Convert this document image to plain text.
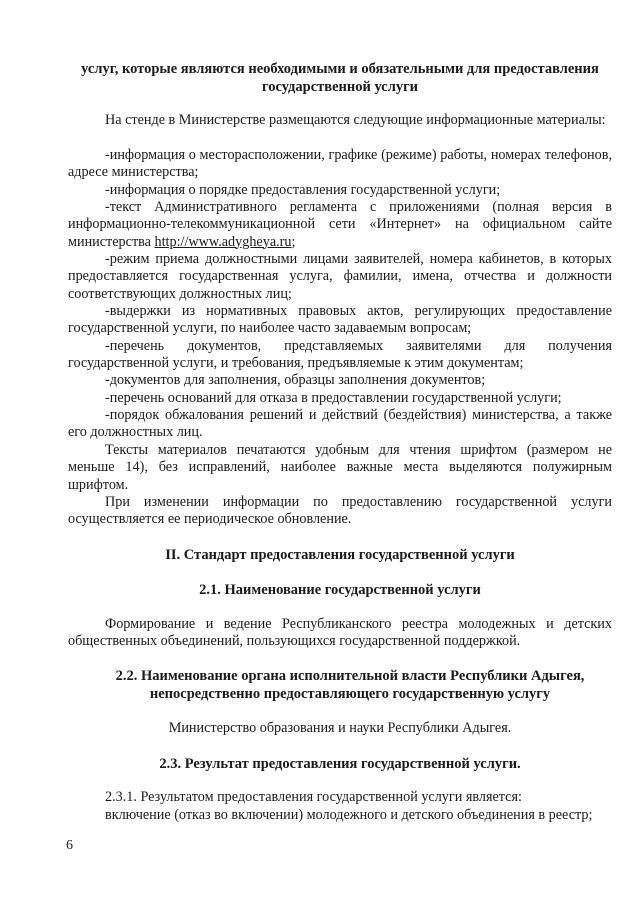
услуг, которые являются необходимыми и обязательными для предоставления государственной услуги
На стенде в Министерстве размещаются следующие информационные материалы:
-информация о месторасположении, графике (режиме) работы, номерах телефонов, адресе министерства;
-информация о порядке предоставления государственной услуги;
-текст Административного регламента с приложениями (полная версия в информационно-телекоммуникационной сети «Интернет» на официальном сайте министерства http://www.adygheya.ru;
-режим приема должностными лицами заявителей, номера кабинетов, в которых предоставляется государственная услуга, фамилии, имена, отчества и должности соответствующих должностных лиц;
-выдержки из нормативных правовых актов, регулирующих предоставление государственной услуги, по наиболее часто задаваемым вопросам;
-перечень документов, представляемых заявителями для получения государственной услуги, и требования, предъявляемые к этим документам;
-документов для заполнения, образцы заполнения документов;
-перечень оснований для отказа в предоставлении государственной услуги;
-порядок обжалования решений и действий (бездействия) министерства, а также его должностных лиц.
Тексты материалов печатаются удобным для чтения шрифтом (размером не меньше 14), без исправлений, наиболее важные места выделяются полужирным шрифтом.
При изменении информации по предоставлению государственной услуги осуществляется ее периодическое обновление.
II. Стандарт предоставления государственной услуги
2.1. Наименование государственной услуги
Формирование и ведение Республиканского реестра молодежных и детских общественных объединений, пользующихся государственной поддержкой.
2.2. Наименование органа исполнительной власти Республики Адыгея, непосредственно предоставляющего государственную услугу
Министерство образования и науки Республики Адыгея.
2.3. Результат предоставления государственной услуги.
2.3.1. Результатом предоставления государственной услуги является:
включение (отказ во включении) молодежного и детского объединения в реестр;
6
